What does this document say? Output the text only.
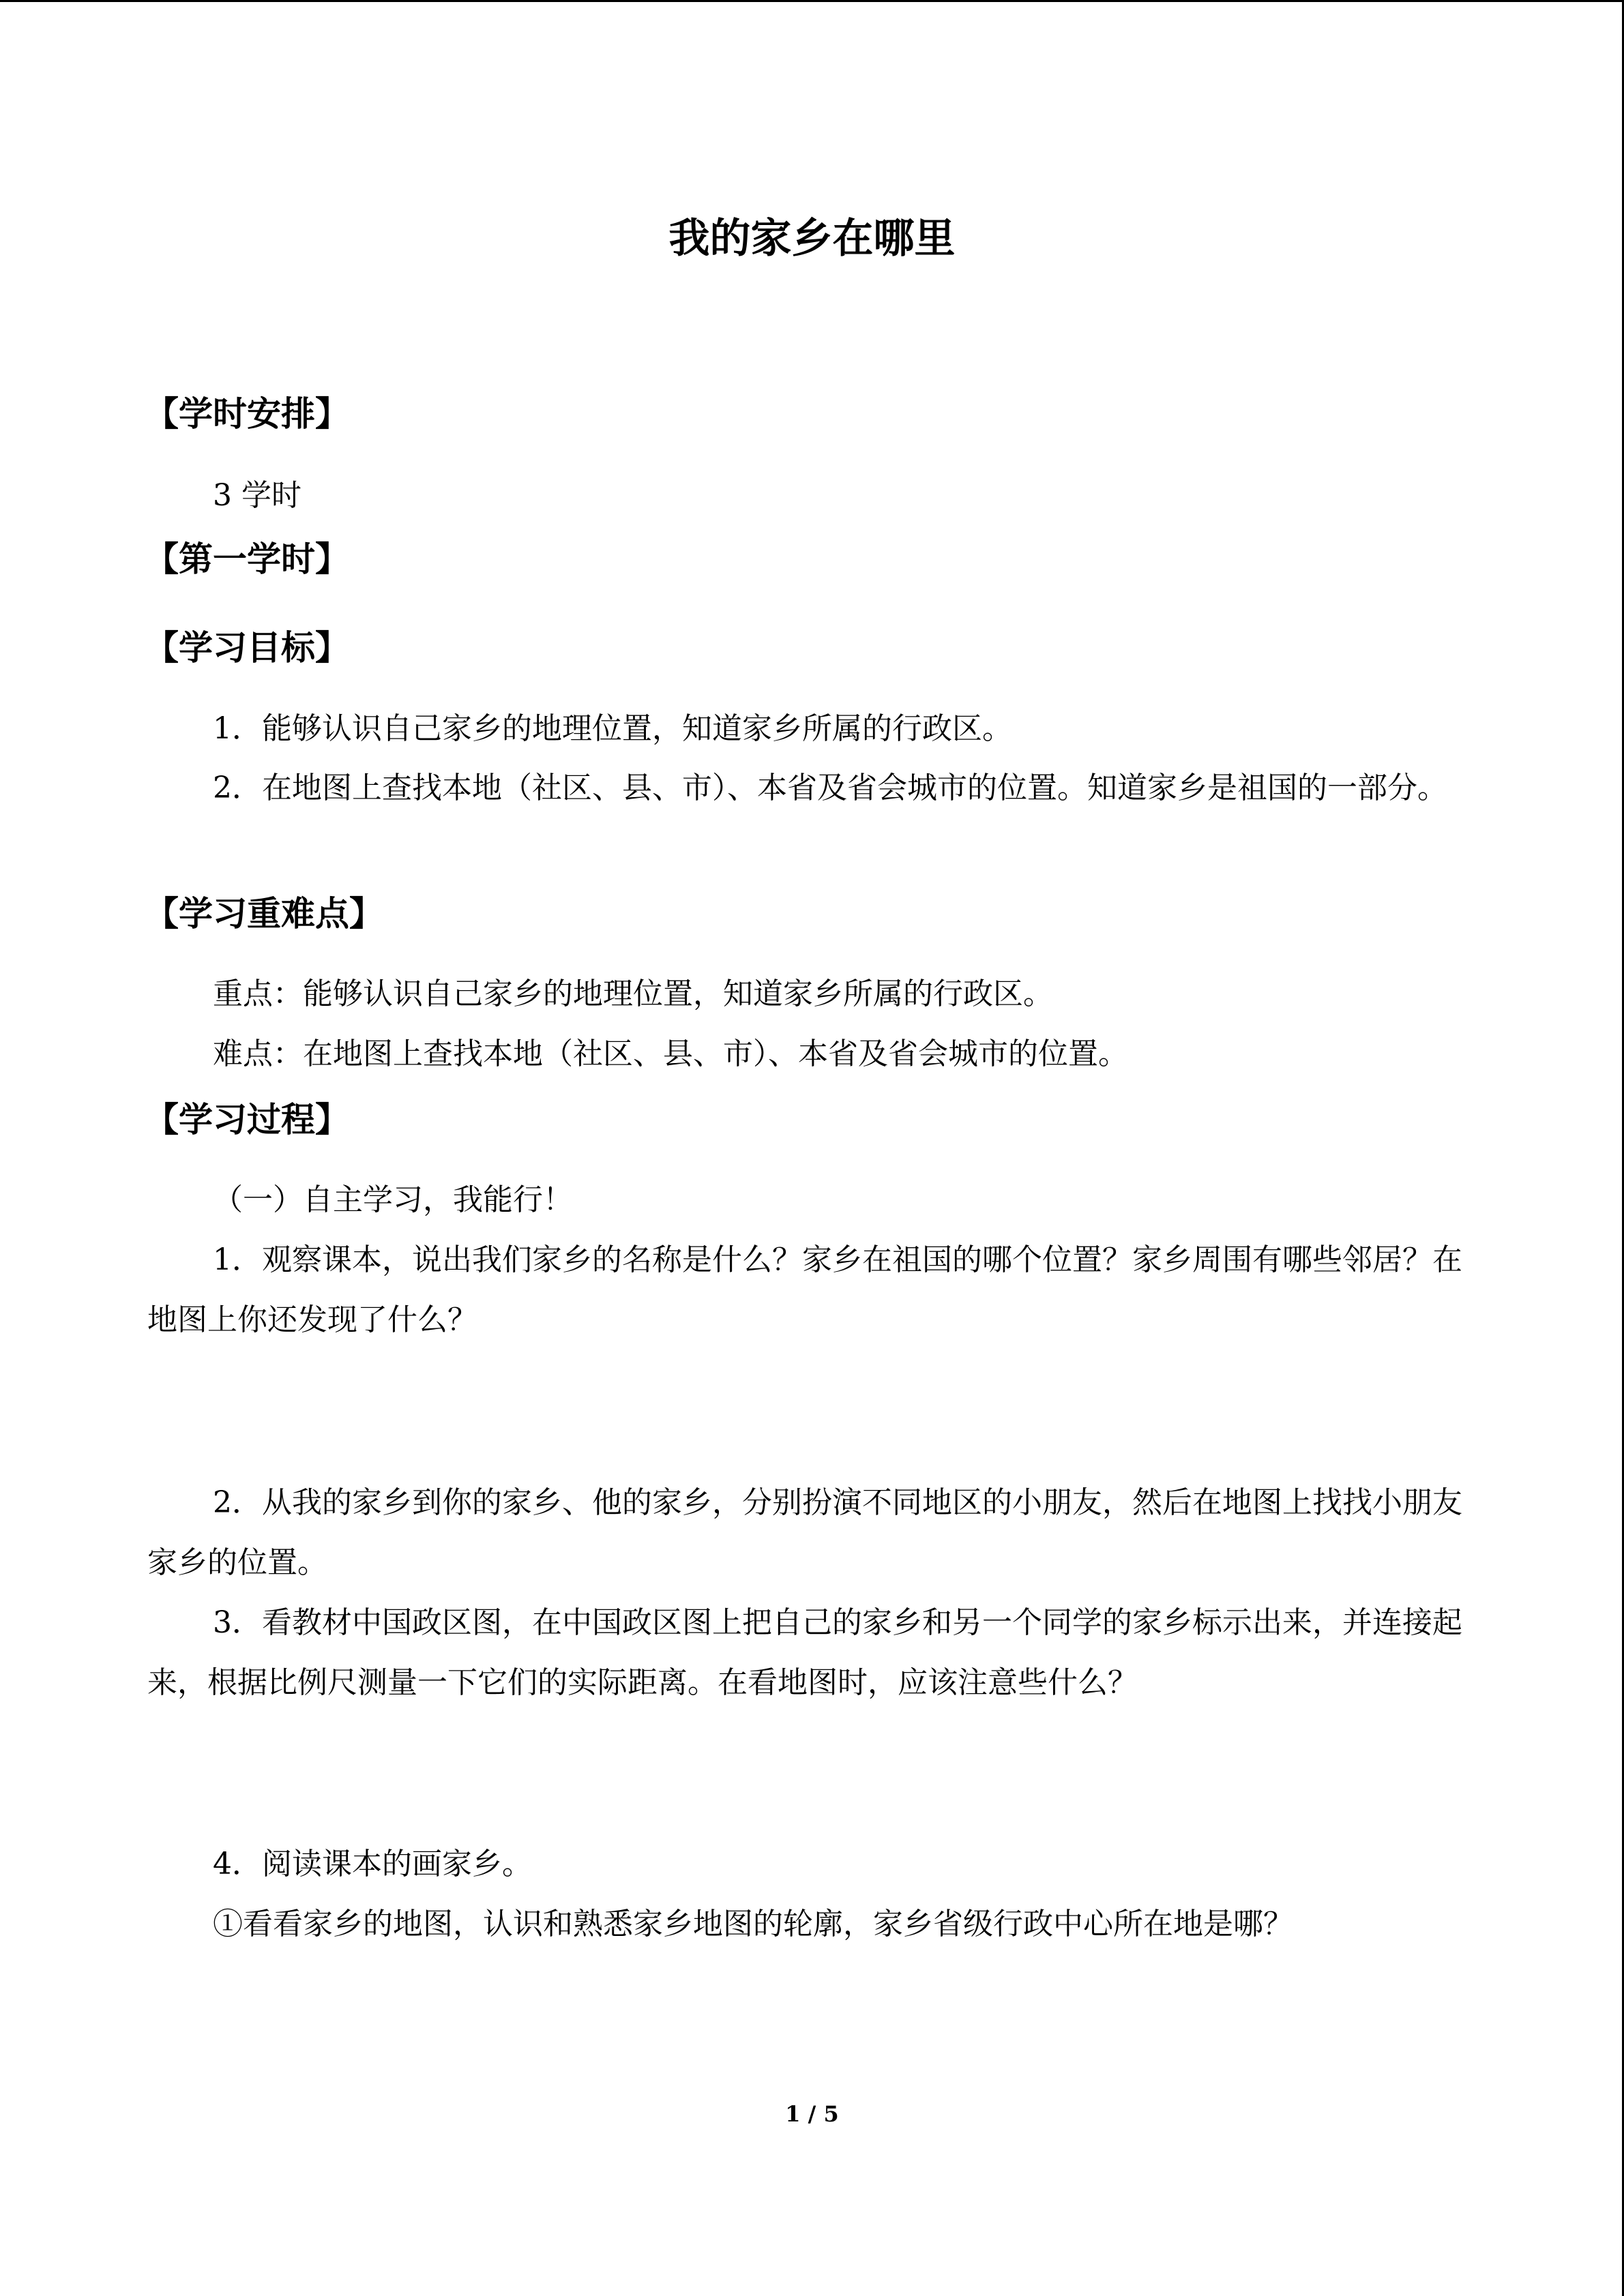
我的家乡在哪里
【学时安排】
3 学时
【第一学时】
【学习目标】
1．能够认识自己家乡的地理位置，知道家乡所属的行政区。
2．在地图上查找本地（社区、县、市）、本省及省会城市的位置。知道家乡是祖国的一部分。
【学习重难点】
重点：能够认识自己家乡的地理位置，知道家乡所属的行政区。
难点：在地图上查找本地（社区、县、市）、本省及省会城市的位置。
【学习过程】
（一）自主学习，我能行！
1．观察课本，说出我们家乡的名称是什么？家乡在祖国的哪个位置？家乡周围有哪些邻居？在地图上你还发现了什么？
2．从我的家乡到你的家乡、他的家乡，分别扮演不同地区的小朋友，然后在地图上找找小朋友家乡的位置。
3．看教材中国政区图，在中国政区图上把自己的家乡和另一个同学的家乡标示出来，并连接起来，根据比例尺测量一下它们的实际距离。在看地图时，应该注意些什么？
4．阅读课本的画家乡。
①看看家乡的地图，认识和熟悉家乡地图的轮廓，家乡省级行政中心所在地是哪？
1 / 5
